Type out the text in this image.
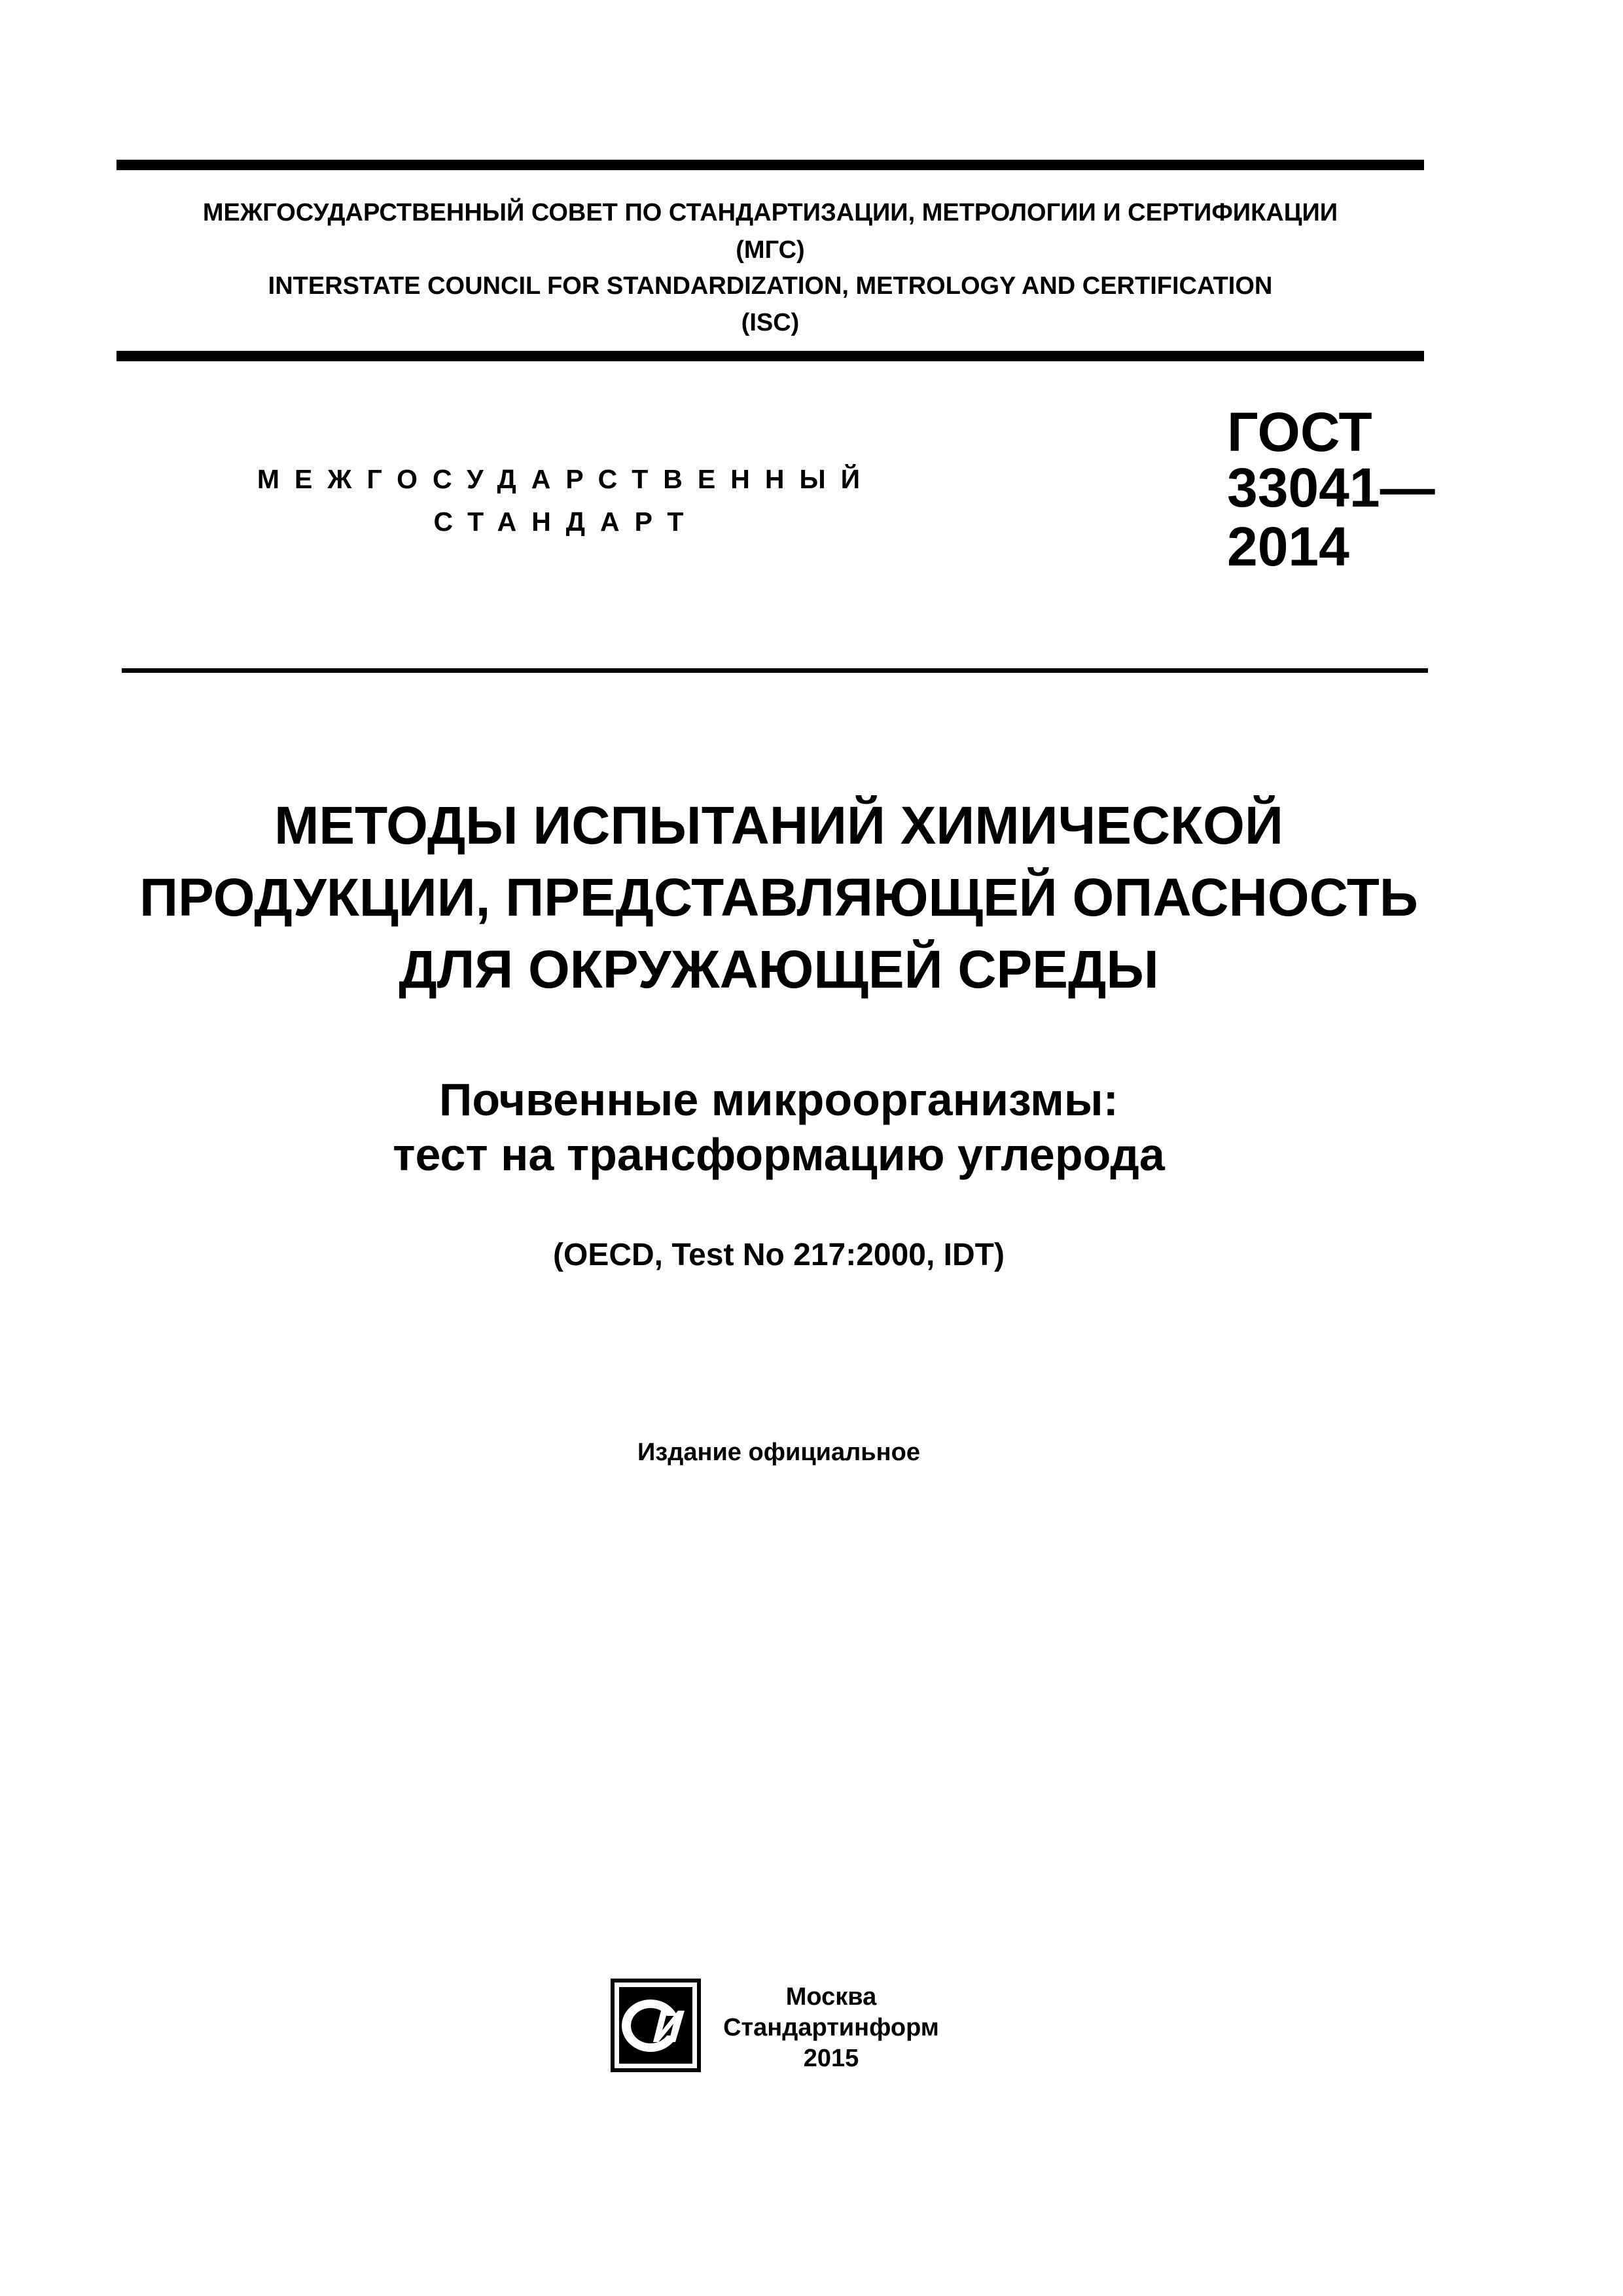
МЕЖГОСУДАРСТВЕННЫЙ СОВЕТ ПО СТАНДАРТИЗАЦИИ, МЕТРОЛОГИИ И СЕРТИФИКАЦИИ
(МГС)
INTERSTATE COUNCIL FOR STANDARDIZATION, METROLOGY AND CERTIFICATION
(ISC)
МЕЖГОСУДАРСТВЕННЫЙ
СТАНДАРТ
ГОСТ
33041—
2014
МЕТОДЫ ИСПЫТАНИЙ ХИМИЧЕСКОЙ
ПРОДУКЦИИ, ПРЕДСТАВЛЯЮЩЕЙ ОПАСНОСТЬ
ДЛЯ ОКРУЖАЮЩЕЙ СРЕДЫ
Почвенные микроорганизмы:
тест на трансформацию углерода
(OECD, Test No 217:2000, IDT)
Издание официальное
Москва
Стандартинформ
2015
